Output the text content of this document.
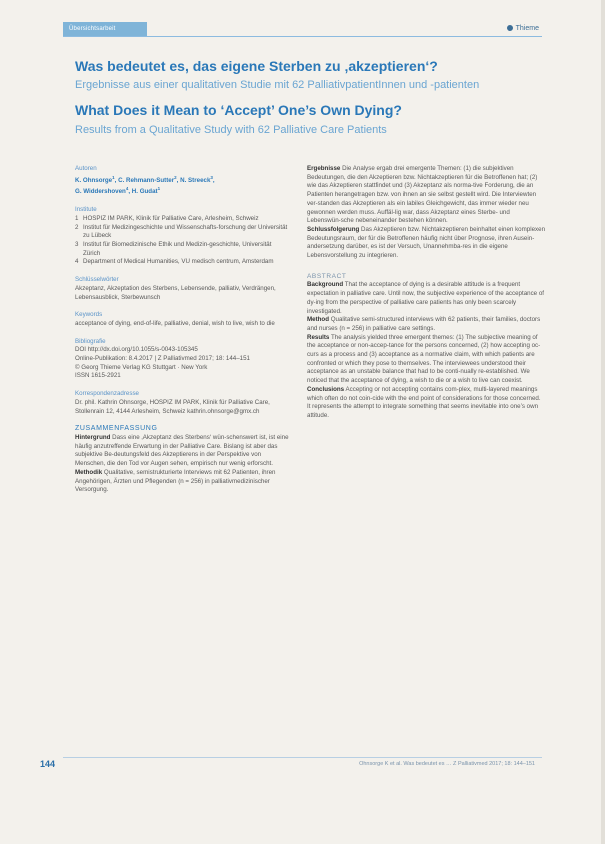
Übersichtsarbeit	Thieme
Was bedeutet es, das eigene Sterben zu ‚akzeptieren‘?
Ergebnisse aus einer qualitativen Studie mit 62 PalliativpatientInnen und -patienten
What Does it Mean to ‘Accept’ One’s Own Dying?
Results from a Qualitative Study with 62 Palliative Care Patients

Autoren

K. Ohnsorge$^1$, C. Rehmann-Sutter$^2$, N. Streeck$^3$,
G. Widdershoven$^4$, H. Gudat$^1$

Institute

1 HOSPIZ IM PARK, Klinik für Palliative Care, Arlesheim, Schweiz
2 Institut für Medizingeschichte und Wissenschafts-forschung der Universität zu Lübeck
3 Institut für Biomedizinische Ethik und Medizin-geschichte, Universität Zürich
4 Department of Medical Humanities, VU medisch centrum, Amsterdam

Schlüsselwörter

Akzeptanz, Akzeptation des Sterbens, Lebensende, palliativ, Verdrängen, Lebensausblick, Sterbewunsch

Keywords

acceptance of dying, end-of-life, palliative, denial, wish to live, wish to die

Bibliografie

DOI http://dx.doi.org/10.1055/s-0043-105345

Online-Publikation: 8.4.2017 | Z Palliativmed 2017; 18: 144–151

© Georg Thieme Verlag KG Stuttgart · New York

ISSN 1615-2921

Korrespondenzadresse

Dr. phil. Kathrin Ohnsorge, HOSPIZ IM PARK, Klinik für Palliative Care, Stollenrain 12, 4144 Arlesheim, Schweiz kathrin.ohnsorge@gmx.ch

ZUSAMMENFASSUNG

Hintergrund Dass eine ‚Akzeptanz des Sterbens‘ wün-schenswert ist, ist eine häufig anzutreffende Erwartung in der Palliative Care. Bislang ist aber das subjektive Be-deutungsfeld des Akzeptierens in der Perspektive von Menschen, die den Tod vor Augen sehen, empirisch nur wenig erforscht.

Methodik Qualitative, semistrukturierte Interviews mit 62 Patienten, ihren Angehörigen, Ärzten und Pflegenden (n = 256) in palliativmedizinischer Versorgung.

Ergebnisse Die Analyse ergab drei emergente Themen: (1) die subjektiven Bedeutungen, die den Akzeptieren bzw. Nichtakzeptieren für die Betroffenen hat; (2) wie das Akzeptieren stattfindet und (3) Akzeptanz als norma-tive Forderung, die an Patienten herangetragen bzw. von ihnen an sie selbst gestellt wird. Die Interviewten ver-standen das Akzeptieren als ein labiles Gleichgewicht, das immer wieder neu gewonnen werden muss. Auffäl-lig war, dass Akzeptanz eines Sterbe- und Lebenswün-sche nebeneinander bestehen können.

Schlussfolgerung Das Akzeptieren bzw. Nichtakzeptieren beinhaltet einen komplexen Bedeutungsraum, der für die Betroffenen häufig nicht über Prognose, ihren Ausein-andersetzung darüber, es ist der Versuch, Unannehmba-res in die eigene Lebensvorstellung zu integrieren.

ABSTRACT

Background That the acceptance of dying is a desirable attitude is a frequent expectation in palliative care. Until now, the subjective experience of the acceptance of dy-ing from the perspective of palliative care patients has only been scarcely investigated.

Method Qualitative semi-structured interviews with 62 patients, their families, doctors and nurses (n = 256) in palliative care settings.

Results The analysis yielded three emergent themes: (1) The subjective meaning of the acceptance or non-accep-tance for the persons concerned, (2) how accepting oc-curs as a process and (3) acceptance as a normative claim, with which patients are confronted or which they pose to themselves. The interviewees understood their acceptance as an unstable balance that had to be conti-nually re-established. We noticed that the acceptance of dying, a wish to die or a wish to live can coexist.

Conclusions Accepting or not accepting contains com-plex, multi-layered meanings which often do not coin-cide with the end point of considerations for those concerned. It represents the attempt to integrate something that seems inevitable into one’s own attitude.

144	Ohnsorge K et al. Was bedeutet es … Z Palliativmed 2017; 18: 144–151
